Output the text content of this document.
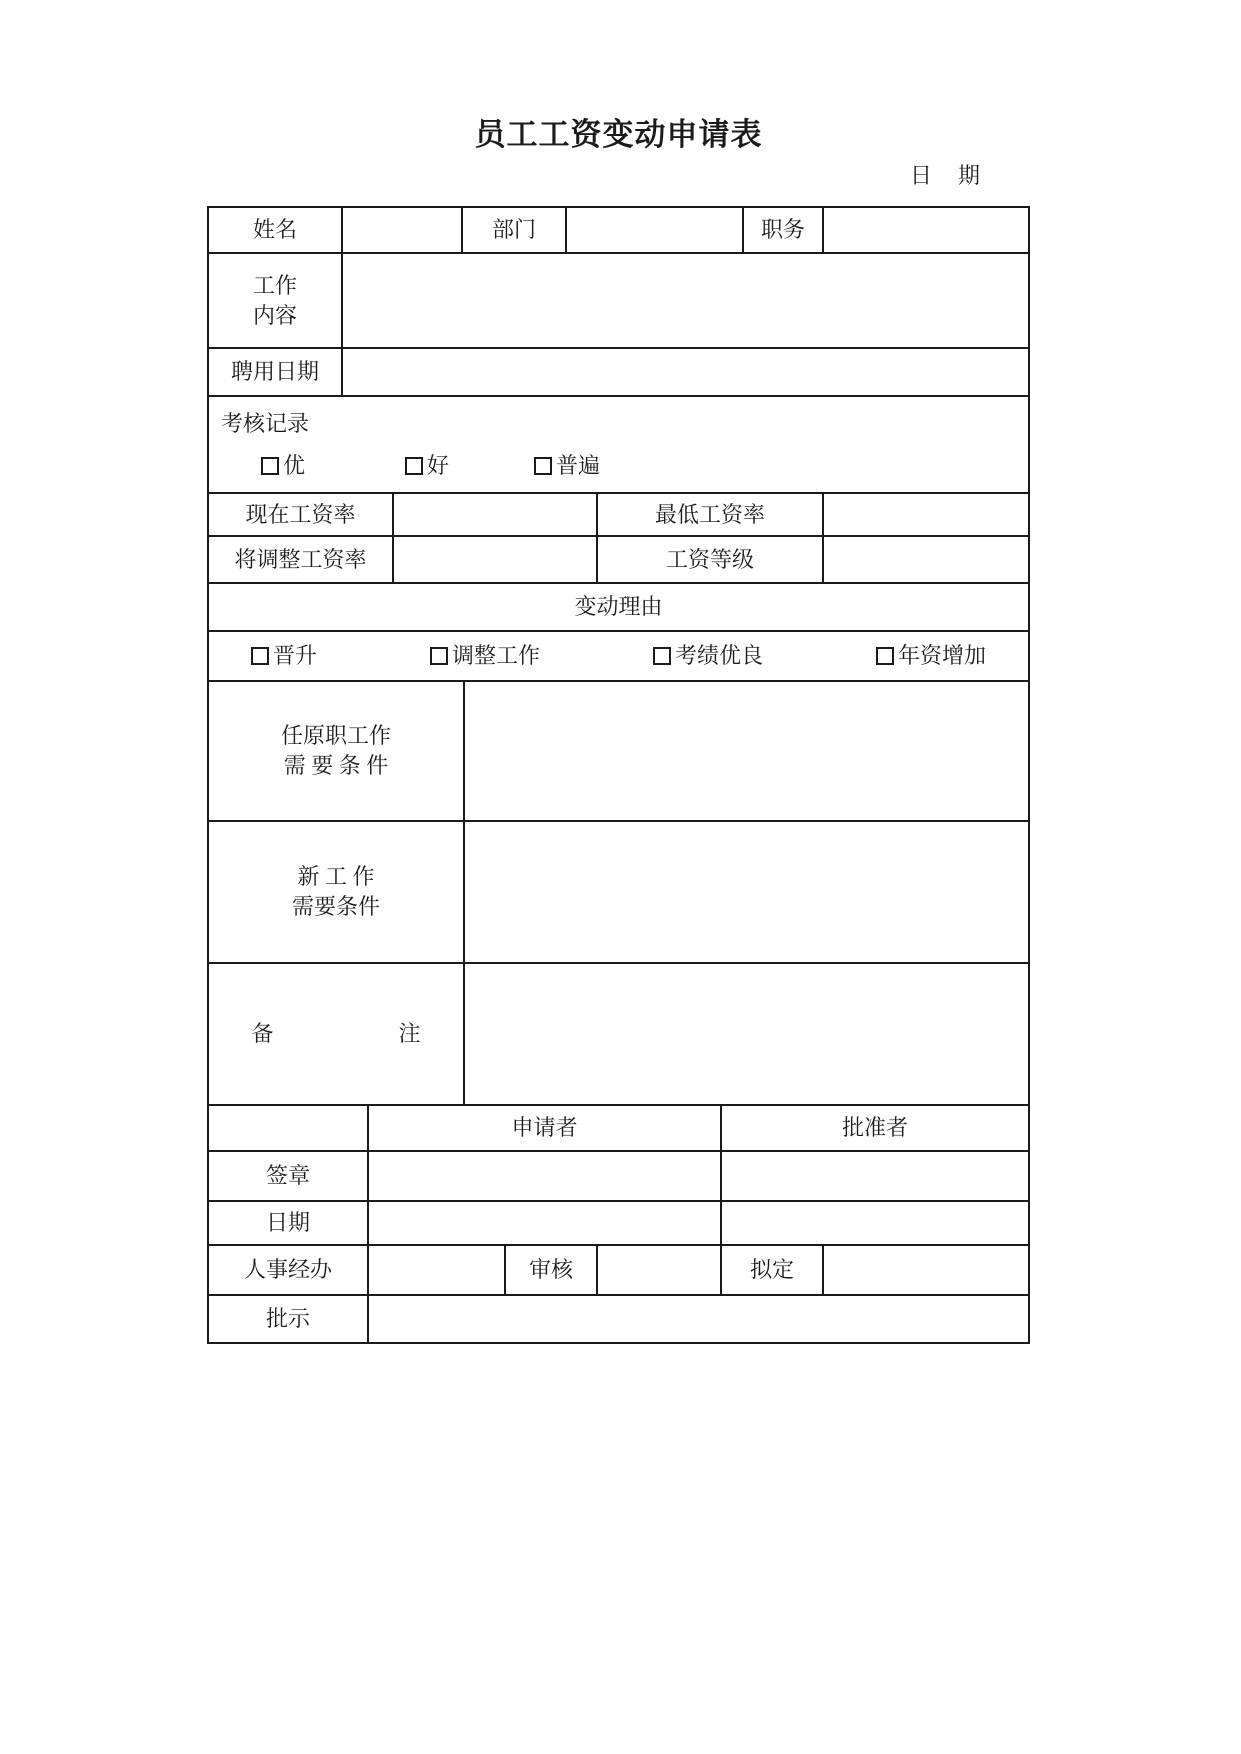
员工工资变动申请表
日　期
姓名	部门	职务
工作
内容
聘用日期
考核记录
优	好	普遍
现在工资率	最低工资率
将调整工资率	工资等级
变动理由
晋升	调整工作	考绩优良	年资增加
任原职工作
需 要 条 件
新 工 作
需要条件
备	注
申请者	批准者
签章
日期
人事经办	审核	拟定
批示
